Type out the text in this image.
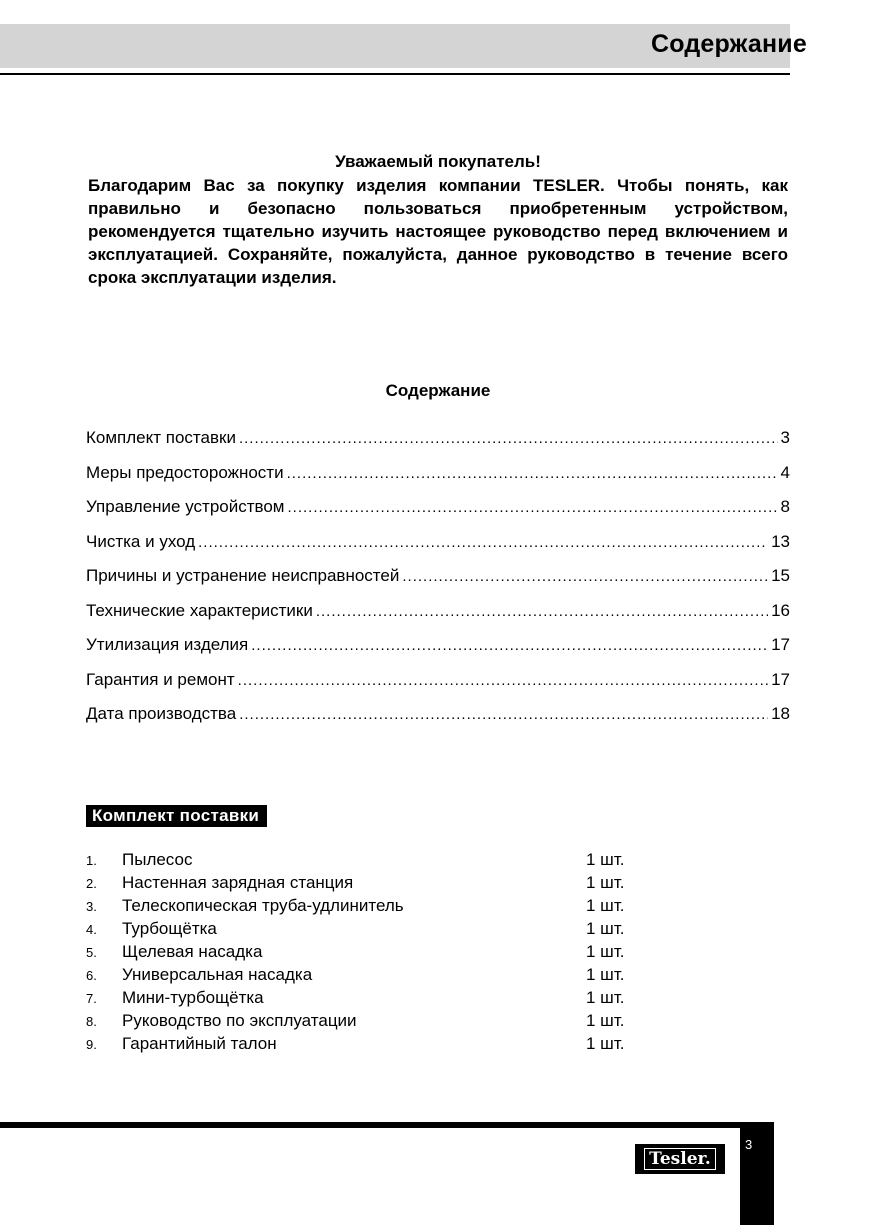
Содержание
Уважаемый покупатель!
Благодарим Вас за покупку изделия компании TESLER. Чтобы понять, как правильно и безопасно пользоваться приобретенным устройством, рекомендуется тщательно изучить настоящее руководство перед включением и эксплуатацией. Сохраняйте, пожалуйста, данное руководство в течение всего срока эксплуатации изделия.
Содержание
Комплект поставки .....	3
Меры предосторожности .....	4
Управление устройством .....	8
Чистка и уход .....	13
Причины и устранение неисправностей .....	15
Технические характеристики .....	16
Утилизация изделия .....	17
Гарантия и ремонт .....	17
Дата производства .....	18
Комплект поставки
1.	Пылесос	1 шт.
2.	Настенная зарядная станция	1 шт.
3.	Телескопическая труба-удлинитель	1 шт.
4.	Турбощётка	1 шт.
5.	Щелевая насадка	1 шт.
6.	Универсальная насадка	1 шт.
7.	Мини-турбощётка	1 шт.
8.	Руководство по эксплуатации	1 шт.
9.	Гарантийный талон	1 шт.
3
Tesler.
